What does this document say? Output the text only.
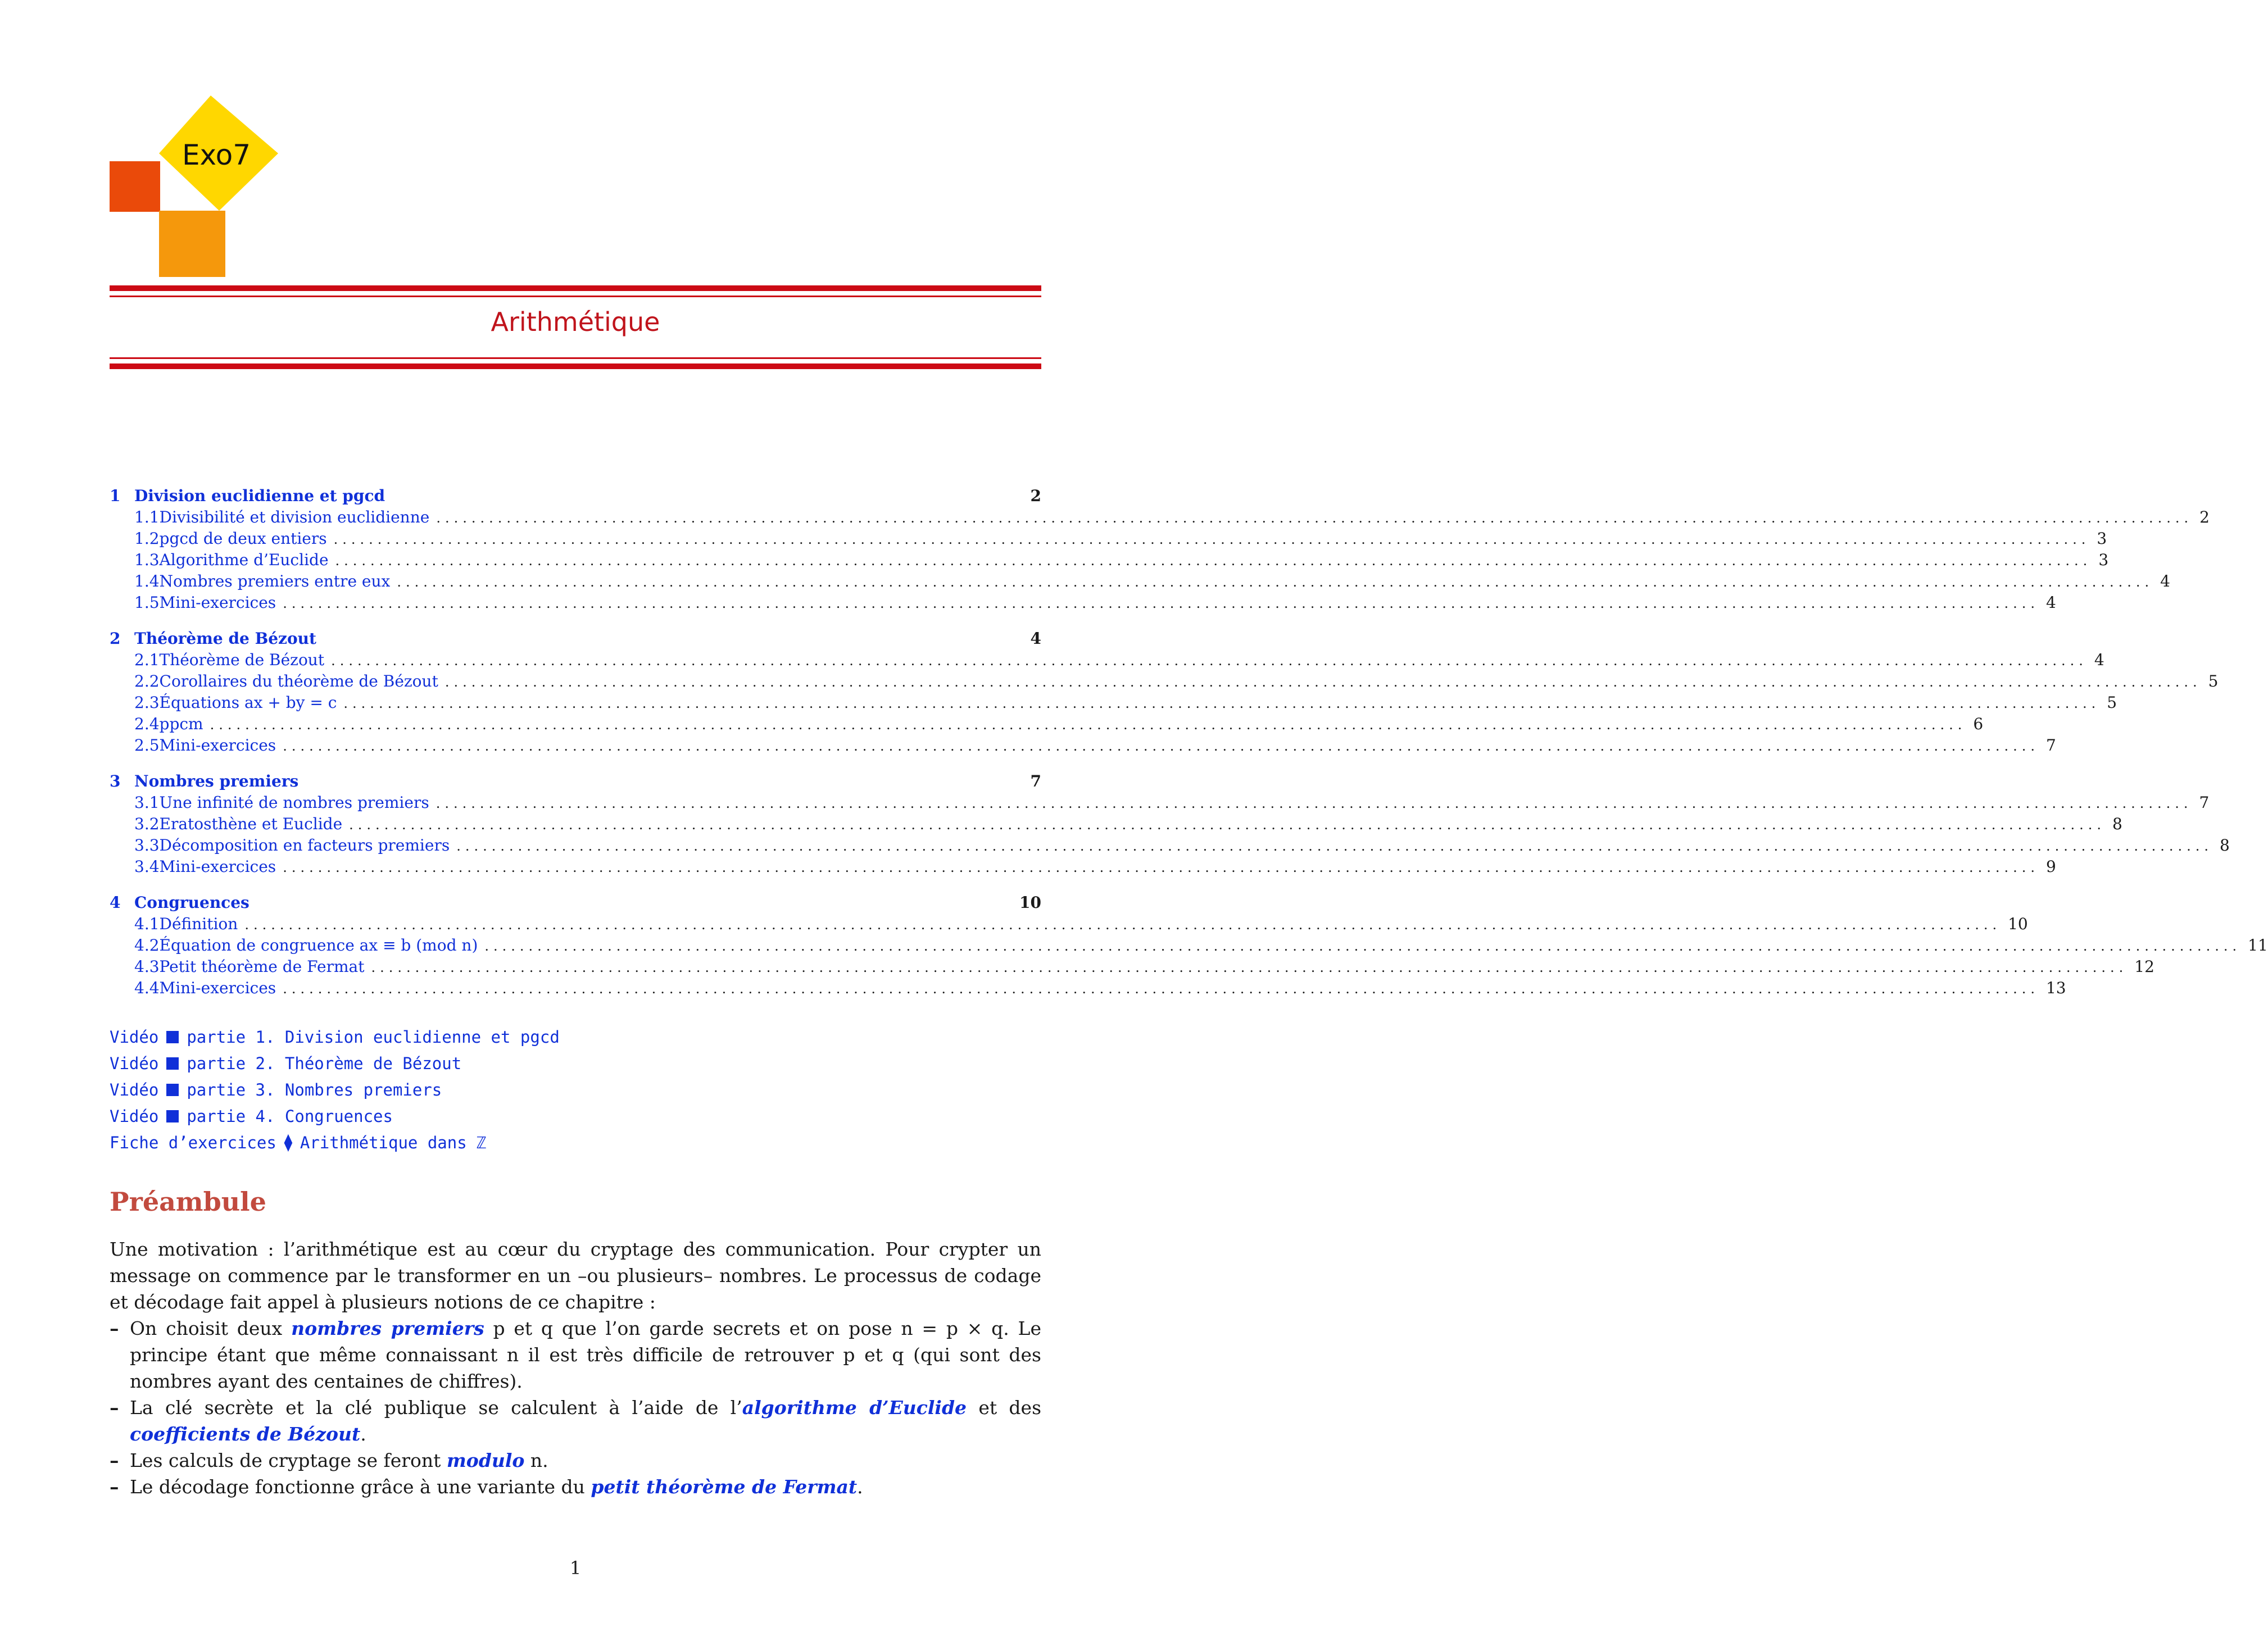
Exo7
Arithmétique
1 Division euclidienne et pgcd	2
1.1 Divisibilité et division euclidienne ........................................................................................................................................................................................................ 2
1.2 pgcd de deux entiers ........................................................................................................................................................................................................ 3
1.3 Algorithme d’Euclide ........................................................................................................................................................................................................ 3
1.4 Nombres premiers entre eux ........................................................................................................................................................................................................ 4
1.5 Mini-exercices ........................................................................................................................................................................................................ 4
2 Théorème de Bézout	4
2.1 Théorème de Bézout ........................................................................................................................................................................................................ 4
2.2 Corollaires du théorème de Bézout ........................................................................................................................................................................................................ 5
2.3 Équations ax + by = c ........................................................................................................................................................................................................ 5
2.4 ppcm ........................................................................................................................................................................................................ 6
2.5 Mini-exercices ........................................................................................................................................................................................................ 7
3 Nombres premiers	7
3.1 Une infinité de nombres premiers ........................................................................................................................................................................................................ 7
3.2 Eratosthène et Euclide ........................................................................................................................................................................................................ 8
3.3 Décomposition en facteurs premiers ........................................................................................................................................................................................................ 8
3.4 Mini-exercices ........................................................................................................................................................................................................ 9
4 Congruences	10
4.1 Définition ........................................................................................................................................................................................................ 10
4.2 Équation de congruence ax ≡ b (mod n) ........................................................................................................................................................................................................ 11
4.3 Petit théorème de Fermat ........................................................................................................................................................................................................ 12
4.4 Mini-exercices ........................................................................................................................................................................................................ 13
Vidéo partie 1. Division euclidienne et pgcd
Vidéo partie 2. Théorème de Bézout
Vidéo partie 3. Nombres premiers
Vidéo partie 4. Congruences
Fiche d’exercices ⧫ Arithmétique dans ℤ
Préambule

Une motivation : l’arithmétique est au cœur du cryptage des communication. Pour crypter un message on commence par le transformer en un –ou plusieurs– nombres. Le processus de codage et décodage fait appel à plusieurs notions de ce chapitre :

– On choisit deux nombres premiers p et q que l’on garde secrets et on pose n = p × q. Le principe étant que même connaissant n il est très difficile de retrouver p et q (qui sont des nombres ayant des centaines de chiffres).
– La clé secrète et la clé publique se calculent à l’aide de l’algorithme d’Euclide et des coefficients de Bézout.
– Les calculs de cryptage se feront modulo n.
– Le décodage fonctionne grâce à une variante du petit théorème de Fermat.
1
